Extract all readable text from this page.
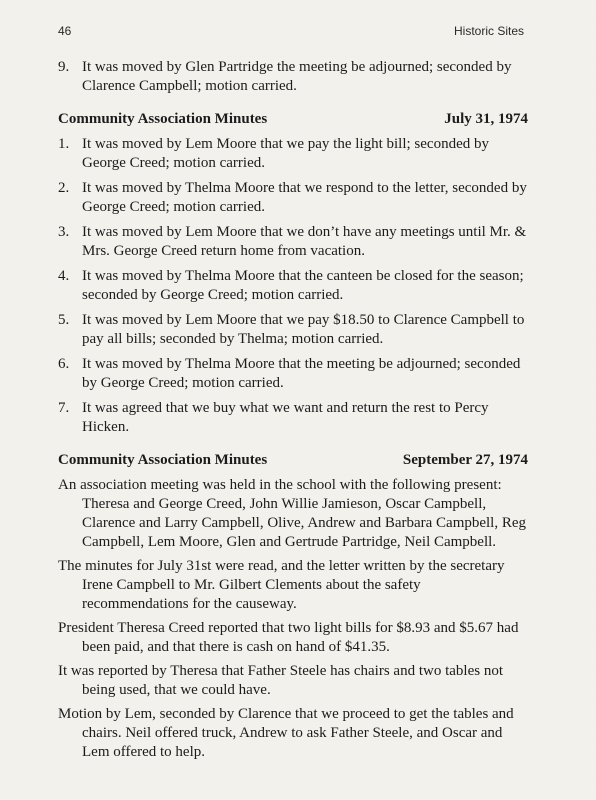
46	Historic Sites
9. It was moved by Glen Partridge the meeting be adjourned; seconded by Clarence Campbell; motion carried.
Community Association Minutes	July 31, 1974
1. It was moved by Lem Moore that we pay the light bill; seconded by George Creed; motion carried.
2. It was moved by Thelma Moore that we respond to the letter, seconded by George Creed; motion carried.
3. It was moved by Lem Moore that we don’t have any meetings until Mr. & Mrs. George Creed return home from vacation.
4. It was moved by Thelma Moore that the canteen be closed for the season; seconded by George Creed; motion carried.
5. It was moved by Lem Moore that we pay $18.50 to Clarence Campbell to pay all bills; seconded by Thelma; motion carried.
6. It was moved by Thelma Moore that the meeting be adjourned; seconded by George Creed; motion carried.
7. It was agreed that we buy what we want and return the rest to Percy Hicken.
Community Association Minutes	September 27, 1974
An association meeting was held in the school with the following present: Theresa and George Creed, John Willie Jamieson, Oscar Campbell, Clarence and Larry Campbell, Olive, Andrew and Barbara Campbell, Reg Campbell, Lem Moore, Glen and Gertrude Partridge, Neil Campbell.
The minutes for July 31st were read, and the letter written by the secretary Irene Campbell to Mr. Gilbert Clements about the safety recommendations for the causeway.
President Theresa Creed reported that two light bills for $8.93 and $5.67 had been paid, and that there is cash on hand of $41.35.
It was reported by Theresa that Father Steele has chairs and two tables not being used, that we could have.
Motion by Lem, seconded by Clarence that we proceed to get the tables and chairs. Neil offered truck, Andrew to ask Father Steele, and Oscar and Lem offered to help.
